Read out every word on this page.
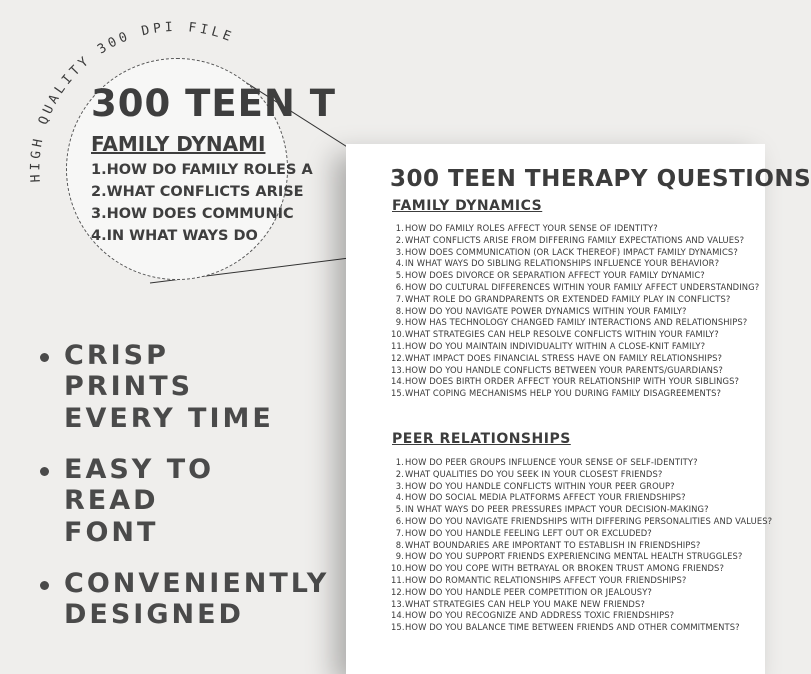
HIGH QUALITY 300 DPI FILE
300 TEEN T
FAMILY DYNAMI
1.HOW DO FAMILY ROLES A
2.WHAT CONFLICTS ARISE
3.HOW DOES COMMUNIC
4.IN WHAT WAYS DO
CRISP PRINTS
EVERY TIME
EASY TO READ
FONT
CONVENIENTLY
DESIGNED
300 TEEN THERAPY QUESTIONS
FAMILY DYNAMICS
1.HOW DO FAMILY ROLES AFFECT YOUR SENSE OF IDENTITY?
2.WHAT CONFLICTS ARISE FROM DIFFERING FAMILY EXPECTATIONS AND VALUES?
3.HOW DOES COMMUNICATION (OR LACK THEREOF) IMPACT FAMILY DYNAMICS?
4.IN WHAT WAYS DO SIBLING RELATIONSHIPS INFLUENCE YOUR BEHAVIOR?
5.HOW DOES DIVORCE OR SEPARATION AFFECT YOUR FAMILY DYNAMIC?
6.HOW DO CULTURAL DIFFERENCES WITHIN YOUR FAMILY AFFECT UNDERSTANDING?
7.WHAT ROLE DO GRANDPARENTS OR EXTENDED FAMILY PLAY IN CONFLICTS?
8.HOW DO YOU NAVIGATE POWER DYNAMICS WITHIN YOUR FAMILY?
9.HOW HAS TECHNOLOGY CHANGED FAMILY INTERACTIONS AND RELATIONSHIPS?
10.WHAT STRATEGIES CAN HELP RESOLVE CONFLICTS WITHIN YOUR FAMILY?
11.HOW DO YOU MAINTAIN INDIVIDUALITY WITHIN A CLOSE-KNIT FAMILY?
12.WHAT IMPACT DOES FINANCIAL STRESS HAVE ON FAMILY RELATIONSHIPS?
13.HOW DO YOU HANDLE CONFLICTS BETWEEN YOUR PARENTS/GUARDIANS?
14.HOW DOES BIRTH ORDER AFFECT YOUR RELATIONSHIP WITH YOUR SIBLINGS?
15.WHAT COPING MECHANISMS HELP YOU DURING FAMILY DISAGREEMENTS?
PEER RELATIONSHIPS
1.HOW DO PEER GROUPS INFLUENCE YOUR SENSE OF SELF-IDENTITY?
2.WHAT QUALITIES DO YOU SEEK IN YOUR CLOSEST FRIENDS?
3.HOW DO YOU HANDLE CONFLICTS WITHIN YOUR PEER GROUP?
4.HOW DO SOCIAL MEDIA PLATFORMS AFFECT YOUR FRIENDSHIPS?
5.IN WHAT WAYS DO PEER PRESSURES IMPACT YOUR DECISION-MAKING?
6.HOW DO YOU NAVIGATE FRIENDSHIPS WITH DIFFERING PERSONALITIES AND VALUES?
7.HOW DO YOU HANDLE FEELING LEFT OUT OR EXCLUDED?
8.WHAT BOUNDARIES ARE IMPORTANT TO ESTABLISH IN FRIENDSHIPS?
9.HOW DO YOU SUPPORT FRIENDS EXPERIENCING MENTAL HEALTH STRUGGLES?
10.HOW DO YOU COPE WITH BETRAYAL OR BROKEN TRUST AMONG FRIENDS?
11.HOW DO ROMANTIC RELATIONSHIPS AFFECT YOUR FRIENDSHIPS?
12.HOW DO YOU HANDLE PEER COMPETITION OR JEALOUSY?
13.WHAT STRATEGIES CAN HELP YOU MAKE NEW FRIENDS?
14.HOW DO YOU RECOGNIZE AND ADDRESS TOXIC FRIENDSHIPS?
15.HOW DO YOU BALANCE TIME BETWEEN FRIENDS AND OTHER COMMITMENTS?
